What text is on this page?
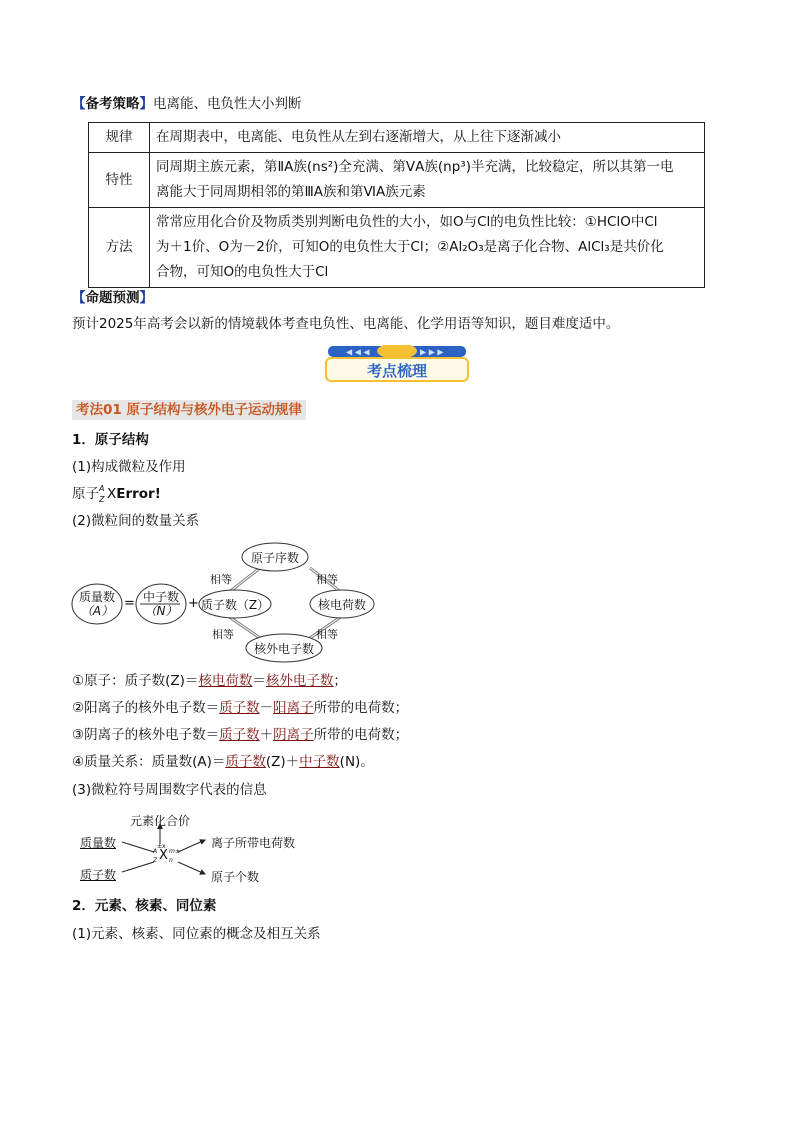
【备考策略】电离能、电负性大小判断
规律	在周期表中，电离能、电负性从左到右逐渐增大，从上往下逐渐减小
特性	同周期主族元素，第ⅡA族(ns²)全充满、第ⅤA族(np³)半充满，比较稳定，所以其第一电
离能大于同周期相邻的第ⅢA族和第ⅥA族元素

方法	常常应用化合价及物质类别判断电负性的大小，如O与Cl的电负性比较：①HClO中Cl
为＋1价、O为－2价，可知O的电负性大于Cl；②Al₂O₃是离子化合物、AlCl₃是共价化
合物，可知O的电负性大于Cl
【命题预测】
预计2025年高考会以新的情境载体考查电负性、电离能、化学用语等知识，题目难度适中。
◀ ◀ ◀	▶ ▶ ▶
考点梳理
考法01 原子结构与核外电子运动规律
1．原子结构
(1)构成微粒及作用
原子 A
Z XError!
(2)微粒间的数量关系
质量数
（A） = 中子数
（N） + 质子数（Z）
原子序数
核电荷数
核外电子数
相等	相等
相等	相等
①原子：质子数(Z)＝核电荷数＝核外电子数；
②阳离子的核外电子数＝质子数－阳离子所带的电荷数；
③阴离子的核外电子数＝质子数＋阴离子所带的电荷数；
④质量关系：质量数(A)＝质子数(Z)＋中子数(N)。
(3)微粒符号周围数字代表的信息
元素化合价
质量数	离子所带电荷数
质子数	原子个数
±x
A
Z X m±
n
2．元素、核素、同位素
(1)元素、核素、同位素的概念及相互关系
